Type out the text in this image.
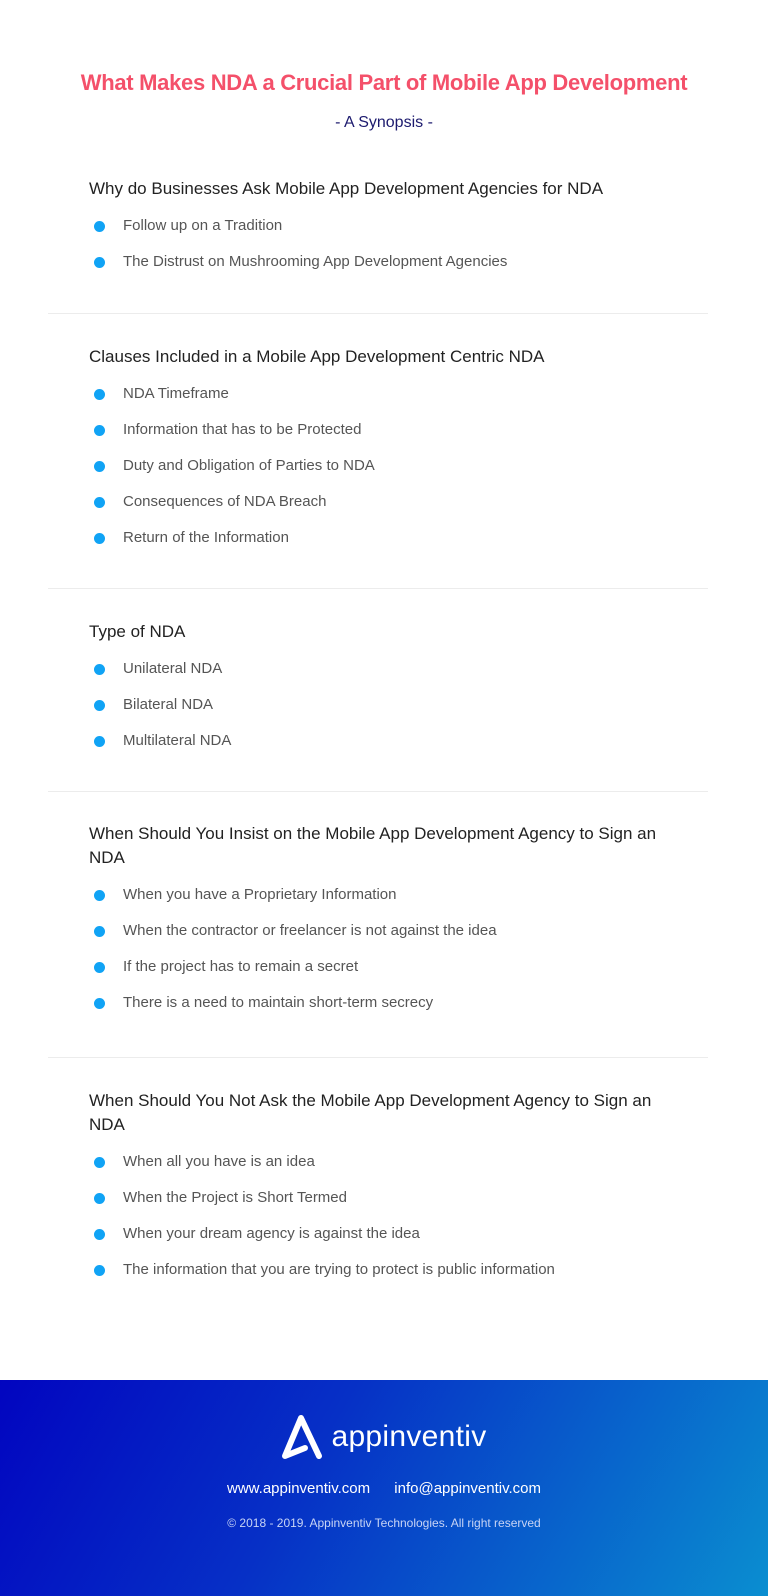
What Makes NDA a Crucial Part of Mobile App Development
- A Synopsis -
Why do Businesses Ask Mobile App Development Agencies for NDA
Follow up on a Tradition
The Distrust on Mushrooming App Development Agencies
Clauses Included in a Mobile App Development Centric NDA
NDA Timeframe
Information that has to be Protected
Duty and Obligation of Parties to NDA
Consequences of NDA Breach
Return of the Information
Type of NDA
Unilateral NDA
Bilateral NDA
Multilateral NDA
When Should You Insist on the Mobile App Development Agency to Sign an NDA
When you have a Proprietary Information
When the contractor or freelancer is not against the idea
If the project has to remain a secret
There is a need to maintain short-term secrecy
When Should You Not Ask the Mobile App Development Agency to Sign an NDA
When all you have is an idea
When the Project is Short Termed
When your dream agency is against the idea
The information that you are trying to protect is public information
appinventiv
www.appinventiv.com info@appinventiv.com
© 2018 - 2019. Appinventiv Technologies. All right reserved
